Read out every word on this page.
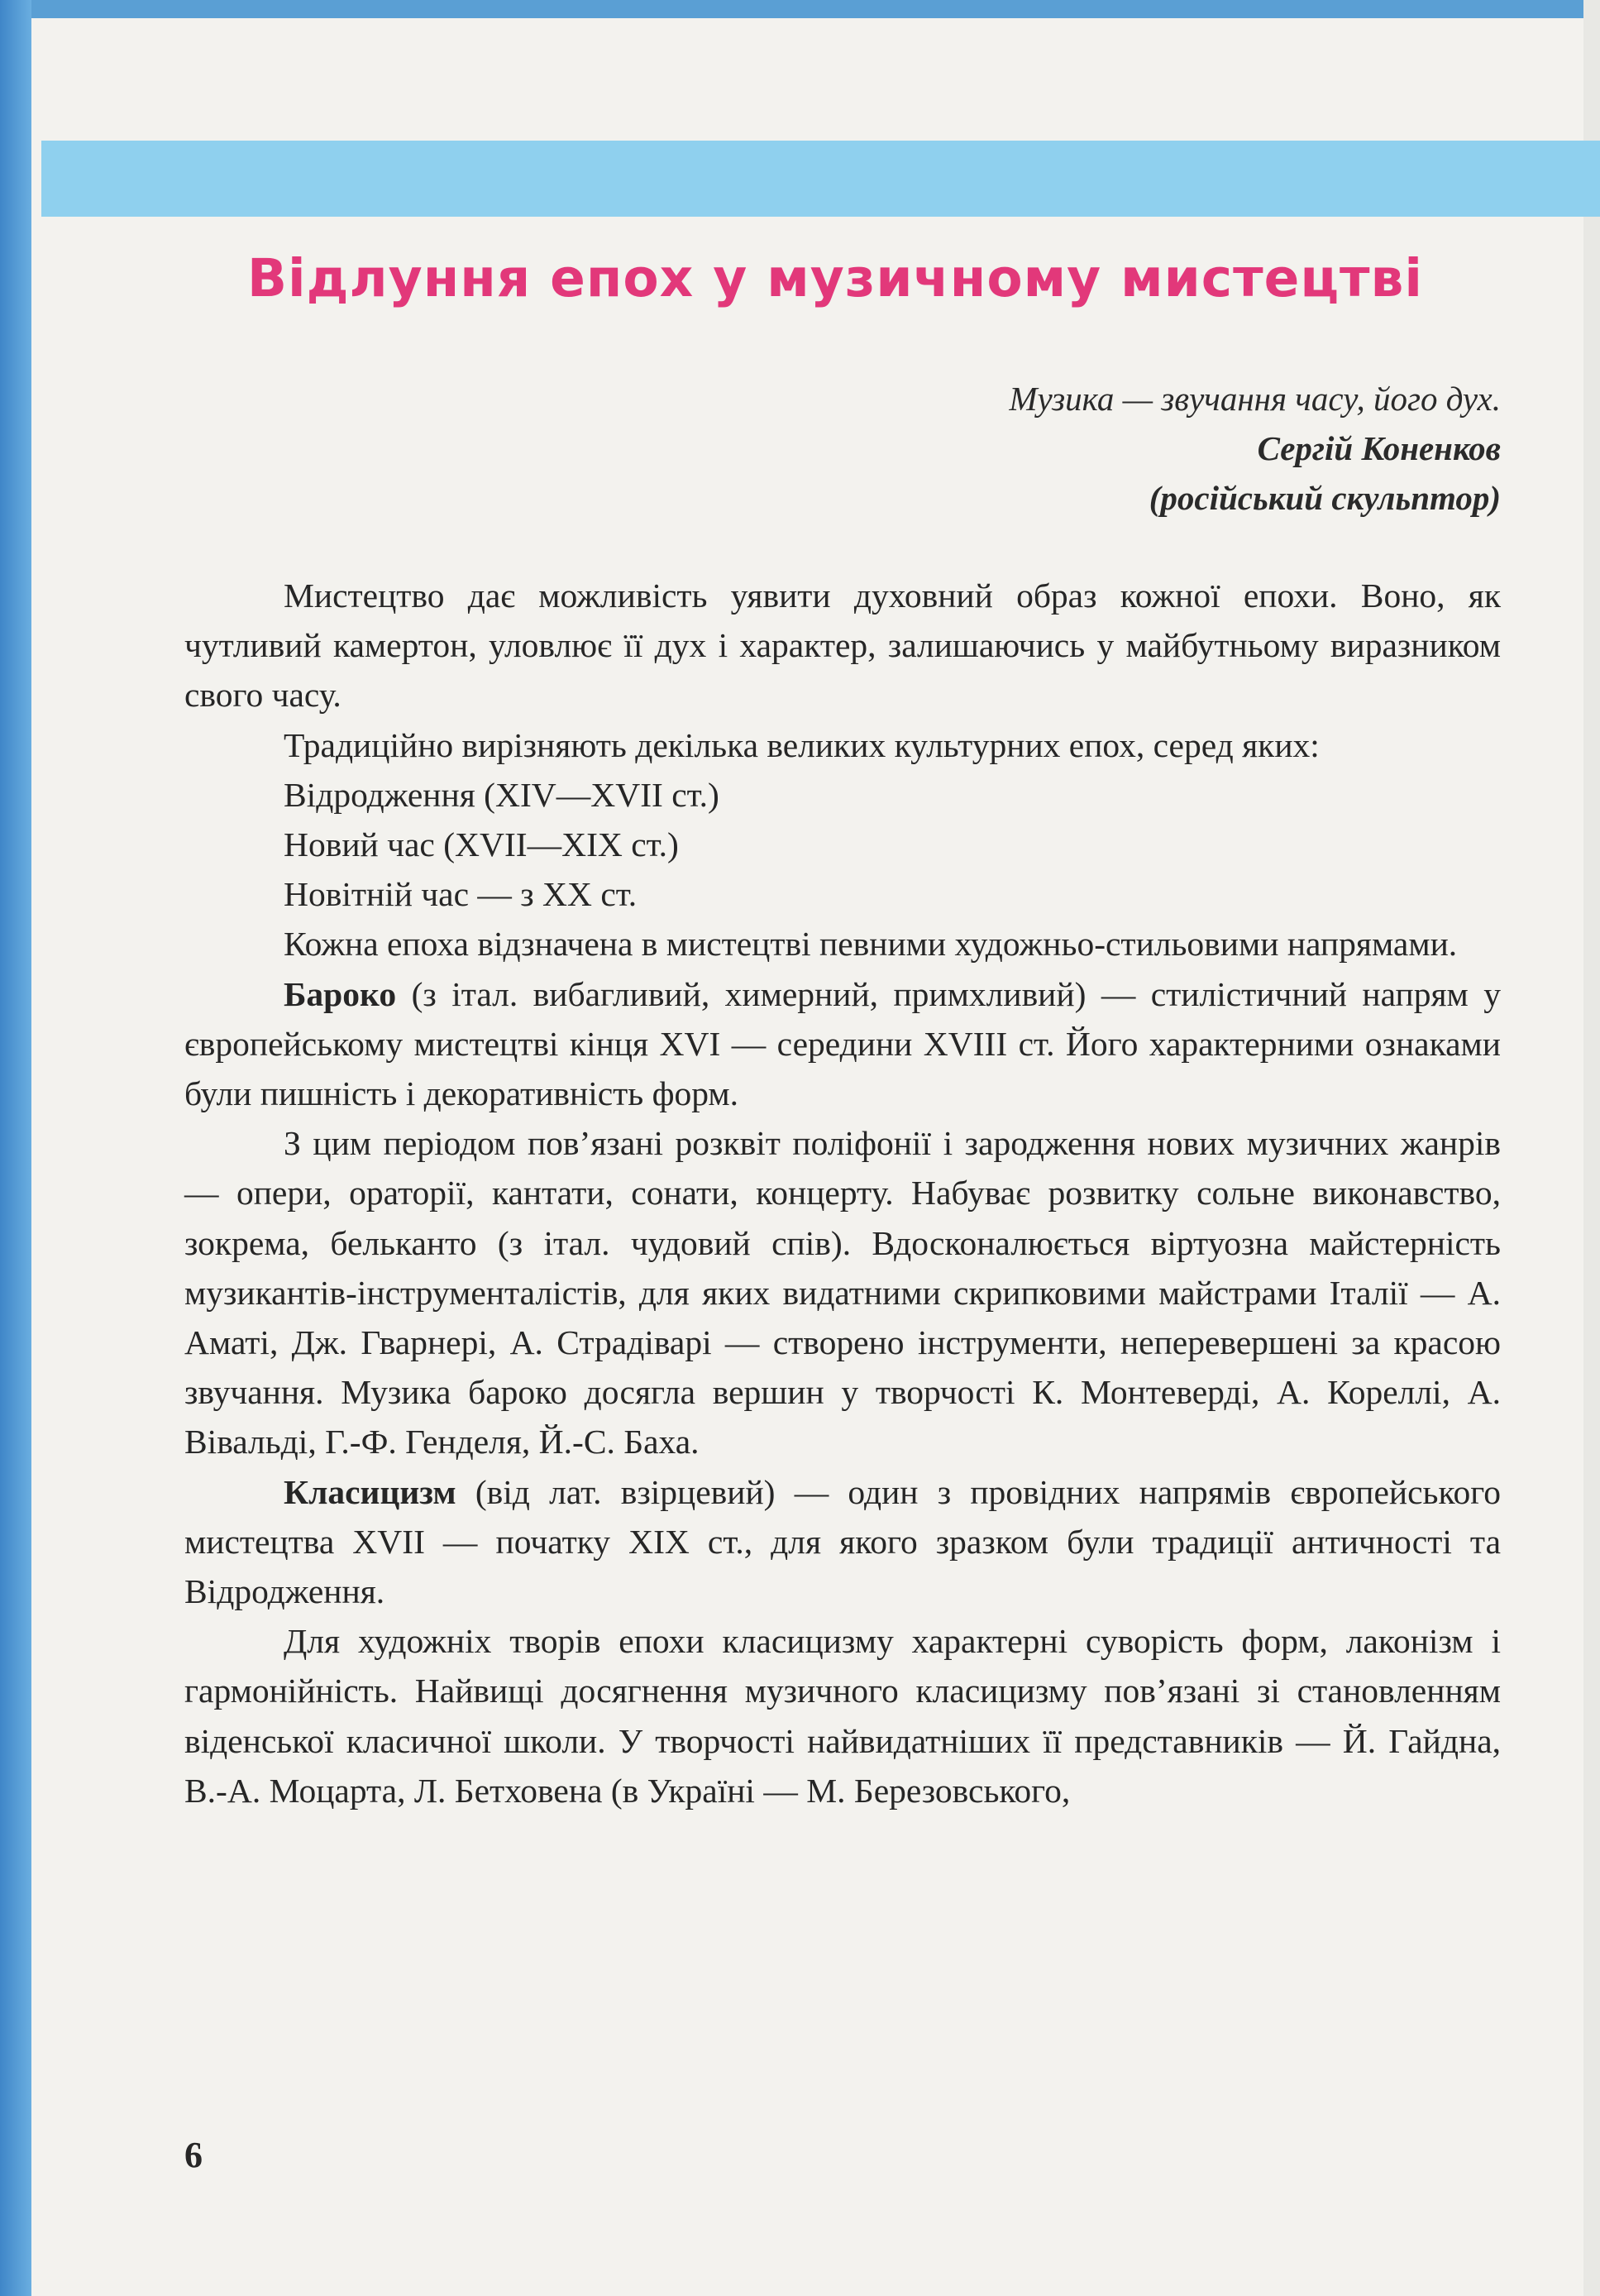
Відлуння епох у музичному мистецтві
Музика — звучання часу, його дух.
Сергій Коненков
(російський скульптор)

Мистецтво дає можливість уявити духовний образ кожної епохи. Воно, як чутливий камертон, уловлює її дух і характер, залишаючись у майбутньому виразником свого часу.

Традиційно вирізняють декілька великих культурних епох, серед яких:

Відродження (XIV—XVII ст.)

Новий час (XVII—XIX ст.)

Новітній час — з XX ст.

Кожна епоха відзначена в мистецтві певними художньо-стильовими напрямами.

Бароко (з італ. вибагливий, химерний, примхливий) — стилістичний напрям у європейському мистецтві кінця XVI — середини XVIII ст. Його характерними ознаками були пишність і декоративність форм.

З цим періодом пов’язані розквіт поліфонії і зародження нових музичних жанрів — опери, ораторії, кантати, сонати, концерту. Набуває розвитку сольне виконавство, зокрема, бельканто (з італ. чудовий спів). Вдосконалюється віртуозна майстерність музикантів-інструменталістів, для яких видатними скрипковими майстрами Італії — А. Аматі, Дж. Гварнері, А. Страдіварі — створено інструменти, неперевершені за красою звучання. Музика бароко досягла вершин у творчості К. Монтеверді, А. Кореллі, А. Вівальді, Г.-Ф. Генделя, Й.-С. Баха.

Класицизм (від лат. взірцевий) — один з провідних напрямів європейського мистецтва XVII — початку XIX ст., для якого зразком були традиції античності та Відродження.

Для художніх творів епохи класицизму характерні суворість форм, лаконізм і гармонійність. Найвищі досягнення музичного класицизму пов’язані зі становленням віденської класичної школи. У творчості найвидатніших її представників — Й. Гайдна, В.-А. Моцарта, Л. Бетховена (в Україні — М. Березовського,

6
